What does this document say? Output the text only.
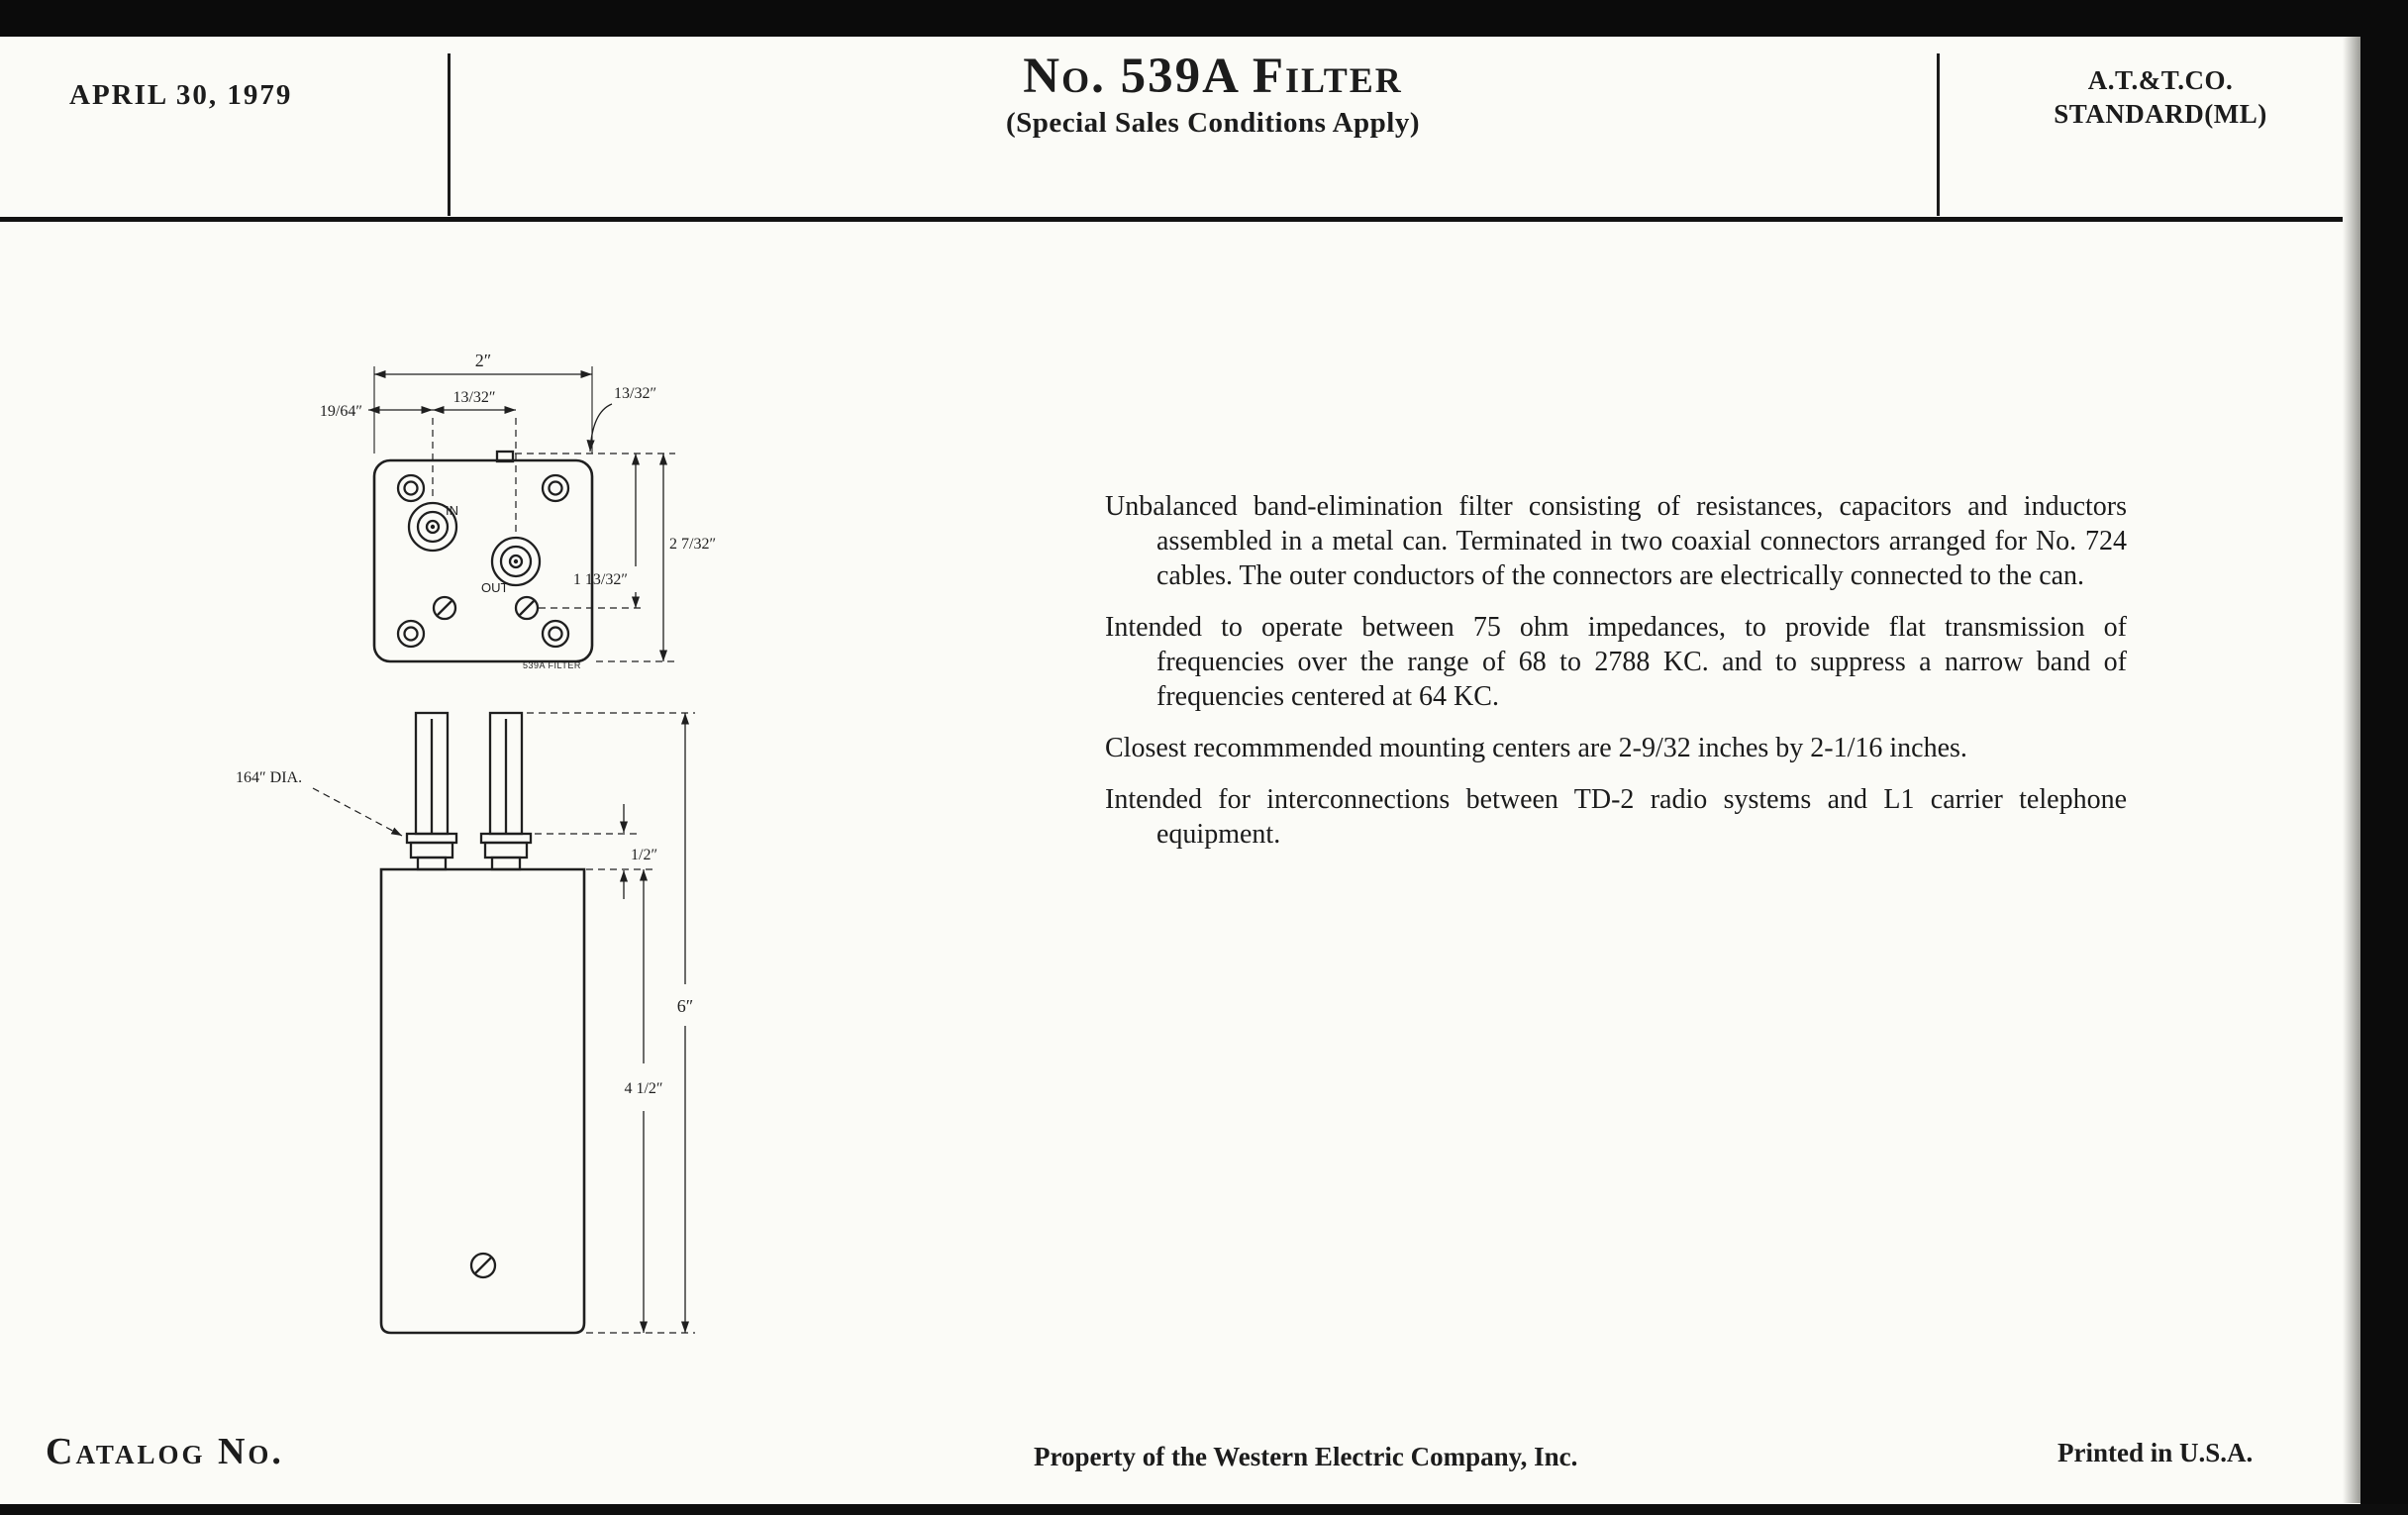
APRIL 30, 1979	No. 539A Filter
(Special Sales Conditions Apply)
A.T.&T.CO.
STANDARD(ML)
IN
OUT
539A FILTER
2″
19/64″
13/32″	13/32″
2 7/32″
1 13/32″
164″ DIA.
1/2″
6″
4 1/2″

Unbalanced band-elimination filter consisting of resistances, capacitors and inductors assembled in a metal can. Terminated in two coaxial connectors arranged for No. 724 cables. The outer conductors of the connectors are electrically connected to the can.

Intended to operate between 75 ohm impedances, to provide flat transmission of frequencies over the range of 68 to 2788 KC. and to suppress a narrow band of frequencies centered at 64 KC.

Closest recommmended mounting centers are 2-9/32 inches by 2-1/16 inches.

Intended for interconnections between TD-2 radio systems and L1 carrier telephone equipment.

Catalog No.	Property of the Western Electric Company, Inc.	Printed in U.S.A.
